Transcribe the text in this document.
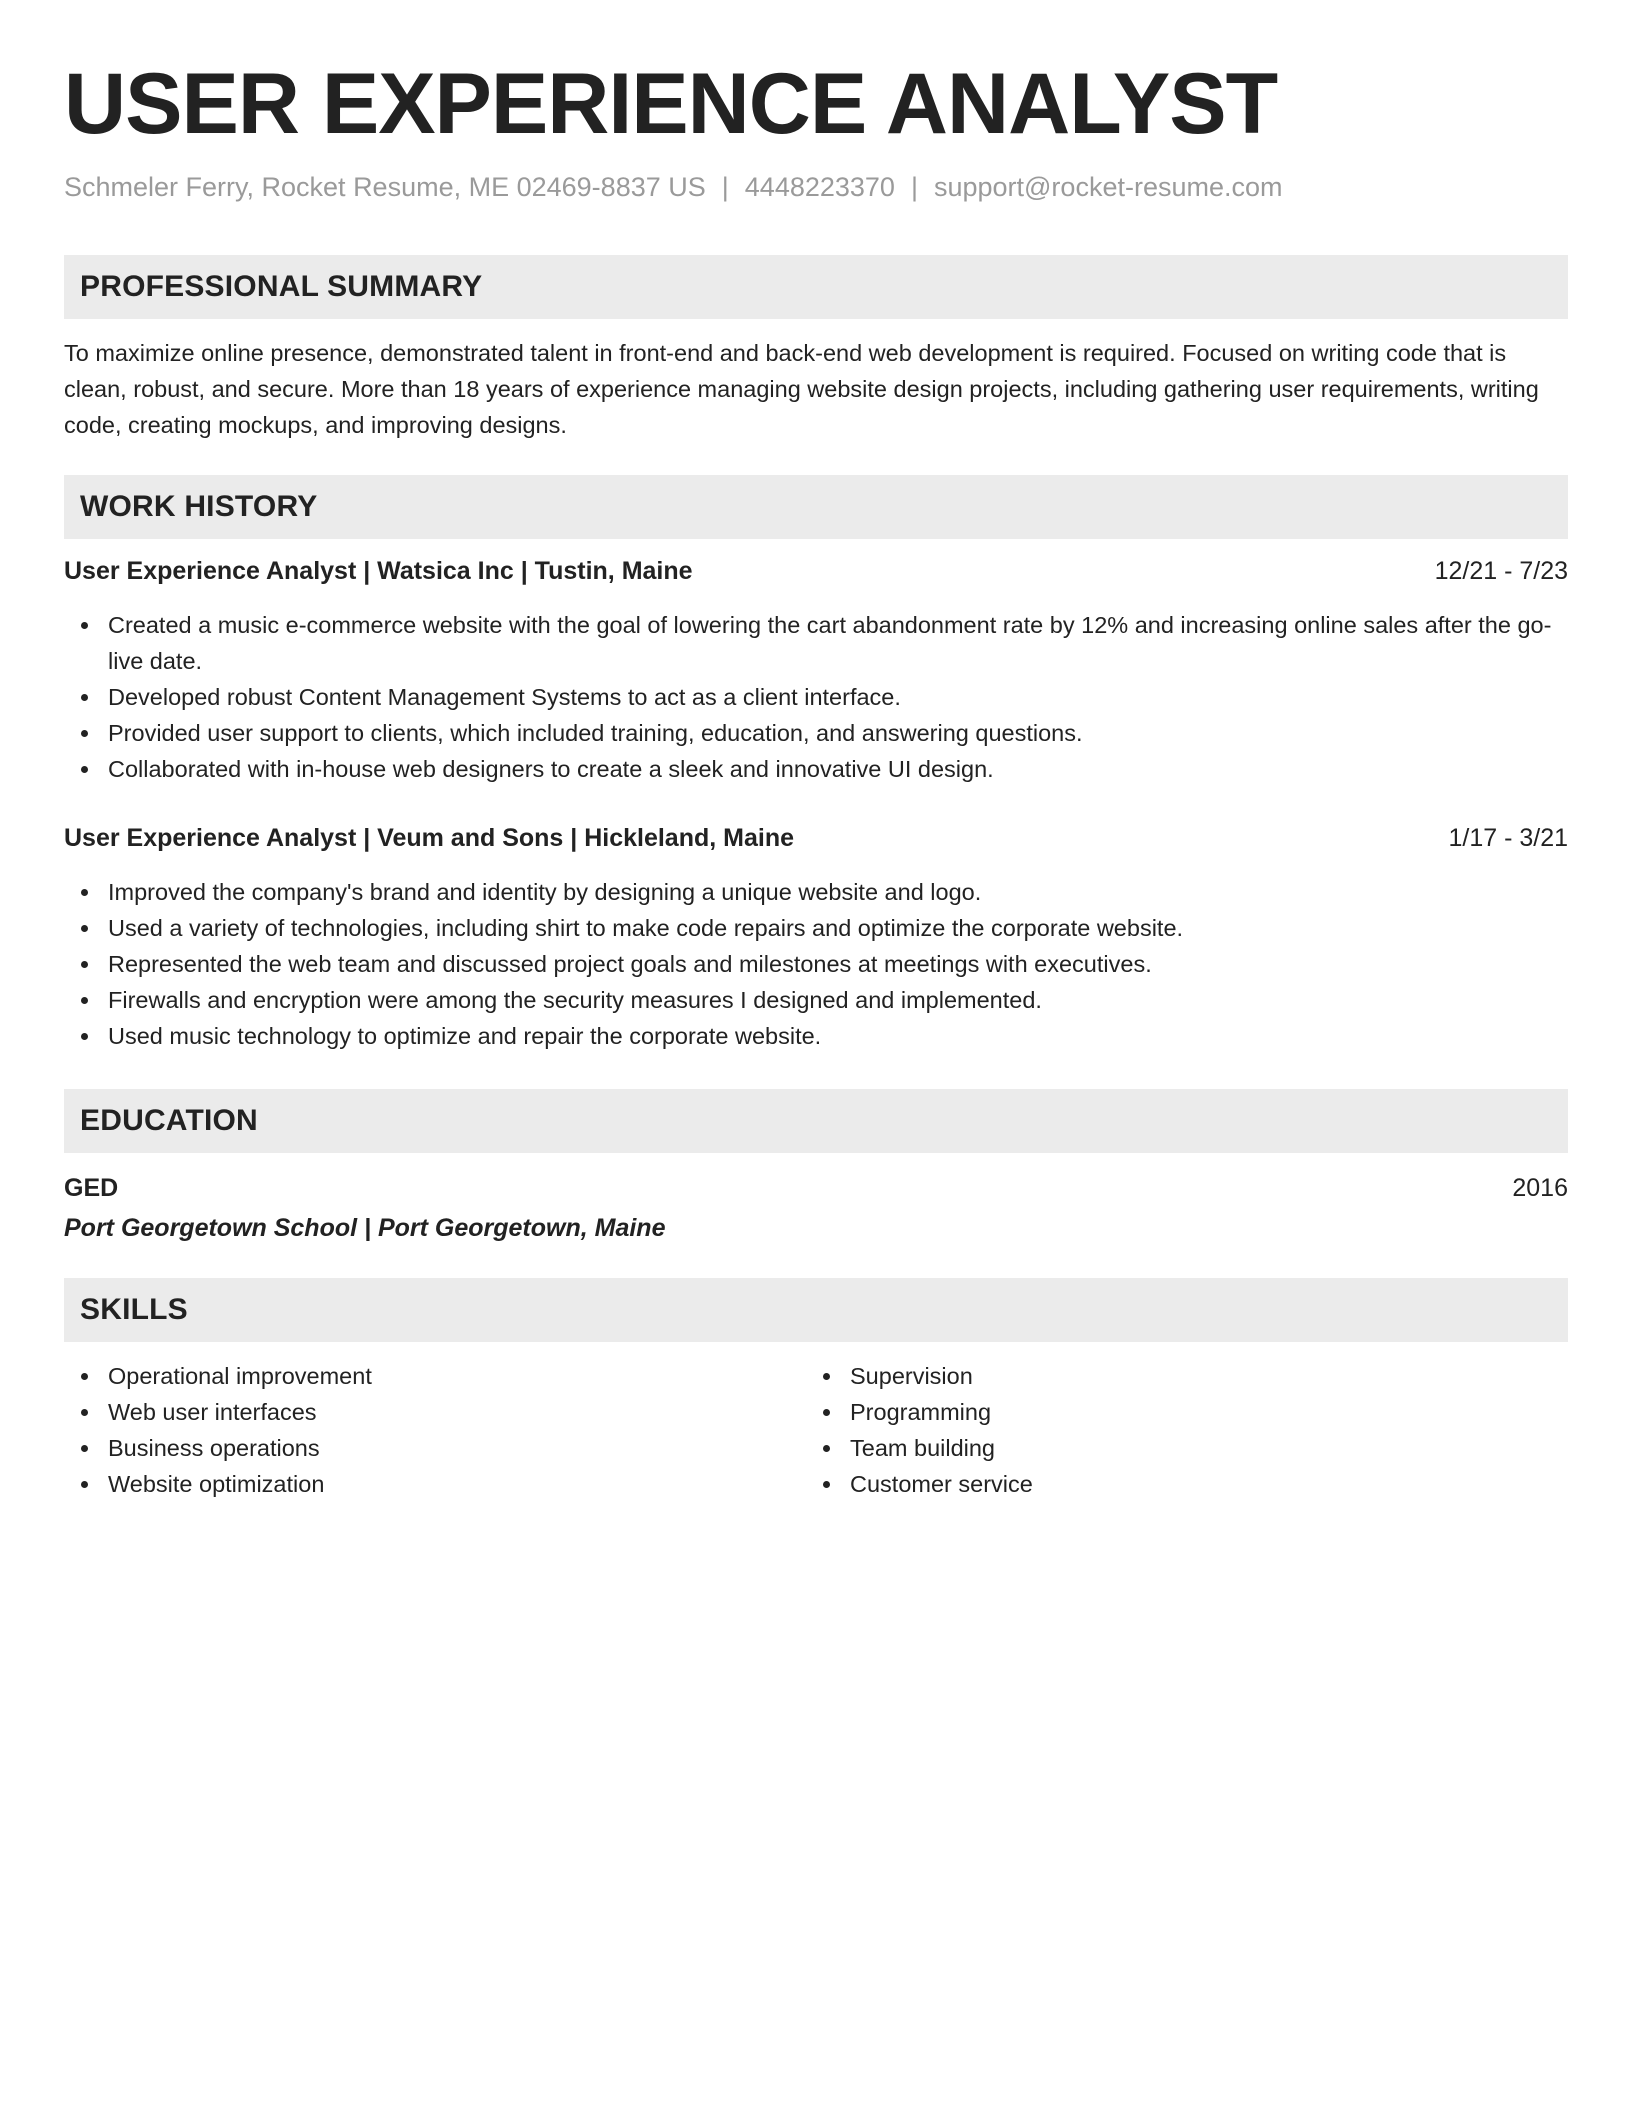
USER EXPERIENCE ANALYST
Schmeler Ferry, Rocket Resume, ME 02469-8837 US | 4448223370 | support@rocket-resume.com
PROFESSIONAL SUMMARY

To maximize online presence, demonstrated talent in front-end and back-end web development is required. Focused on writing code that is clean, robust, and secure. More than 18 years of experience managing website design projects, including gathering user requirements, writing code, creating mockups, and improving designs.

WORK HISTORY
User Experience Analyst | Watsica Inc | Tustin, Maine	12/21 - 7/23
Created a music e-commerce website with the goal of lowering the cart abandonment rate by 12% and increasing online sales after the go-live date.
Developed robust Content Management Systems to act as a client interface.
Provided user support to clients, which included training, education, and answering questions.
Collaborated with in-house web designers to create a sleek and innovative UI design.
User Experience Analyst | Veum and Sons | Hickleland, Maine	1/17 - 3/21
Improved the company's brand and identity by designing a unique website and logo.
Used a variety of technologies, including shirt to make code repairs and optimize the corporate website.
Represented the web team and discussed project goals and milestones at meetings with executives.
Firewalls and encryption were among the security measures I designed and implemented.
Used music technology to optimize and repair the corporate website.
EDUCATION
GED	2016
Port Georgetown School | Port Georgetown, Maine
SKILLS
Operational improvement
Web user interfaces
Business operations
Website optimization
Supervision
Programming
Team building
Customer service
